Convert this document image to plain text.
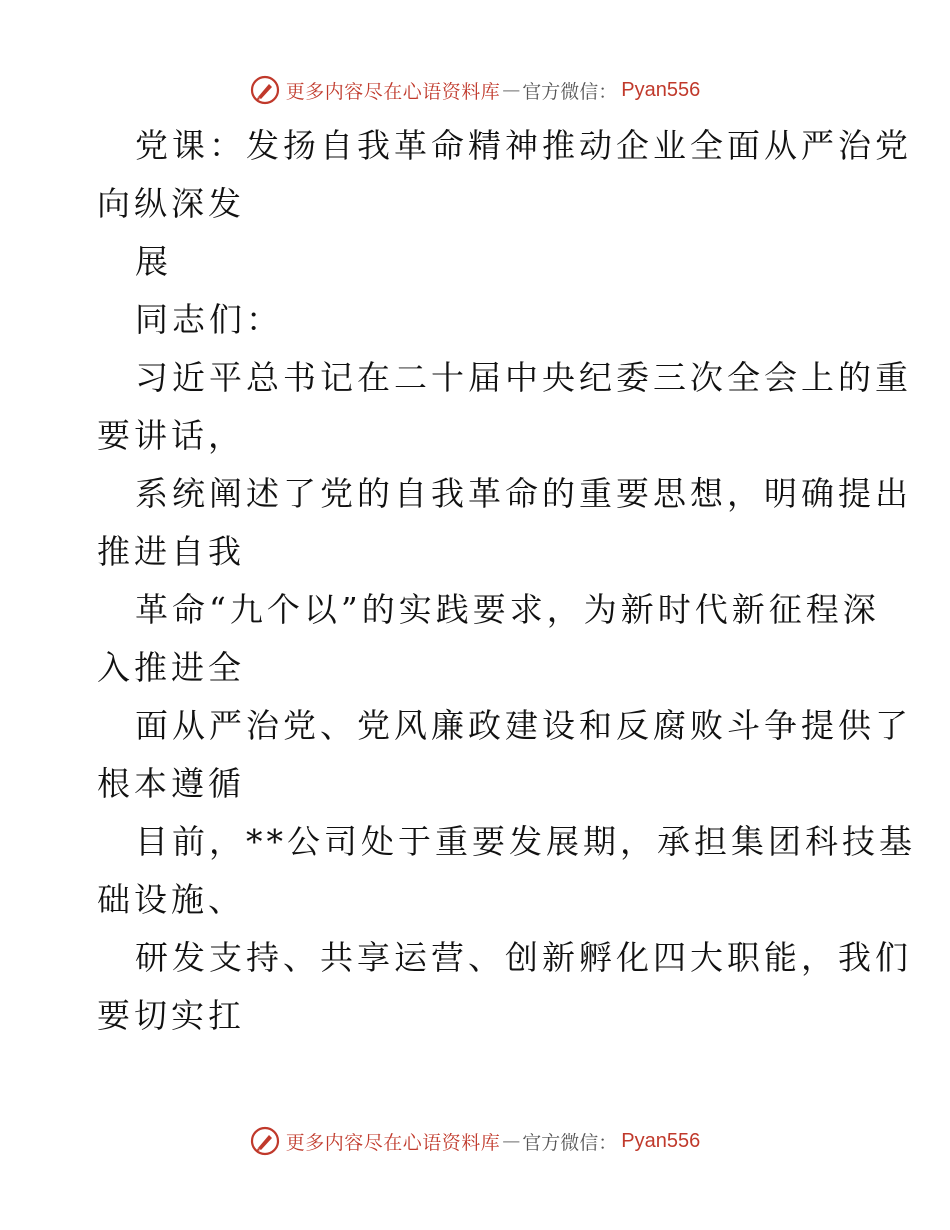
更多内容尽在心语资料库 — 官方微信： Pyan556
党课：发扬自我革命精神推动企业全面从严治党
向纵深发
展
同志们：
习近平总书记在二十届中央纪委三次全会上的重
要讲话，
系统阐述了党的自我革命的重要思想，明确提出
推进自我
革命“九个以”的实践要求，为新时代新征程深
入推进全
面从严治党、党风廉政建设和反腐败斗争提供了
根本遵循
目前，**公司处于重要发展期，承担集团科技基
础设施、
研发支持、共享运营、创新孵化四大职能，我们
要切实扛
更多内容尽在心语资料库 — 官方微信： Pyan556
